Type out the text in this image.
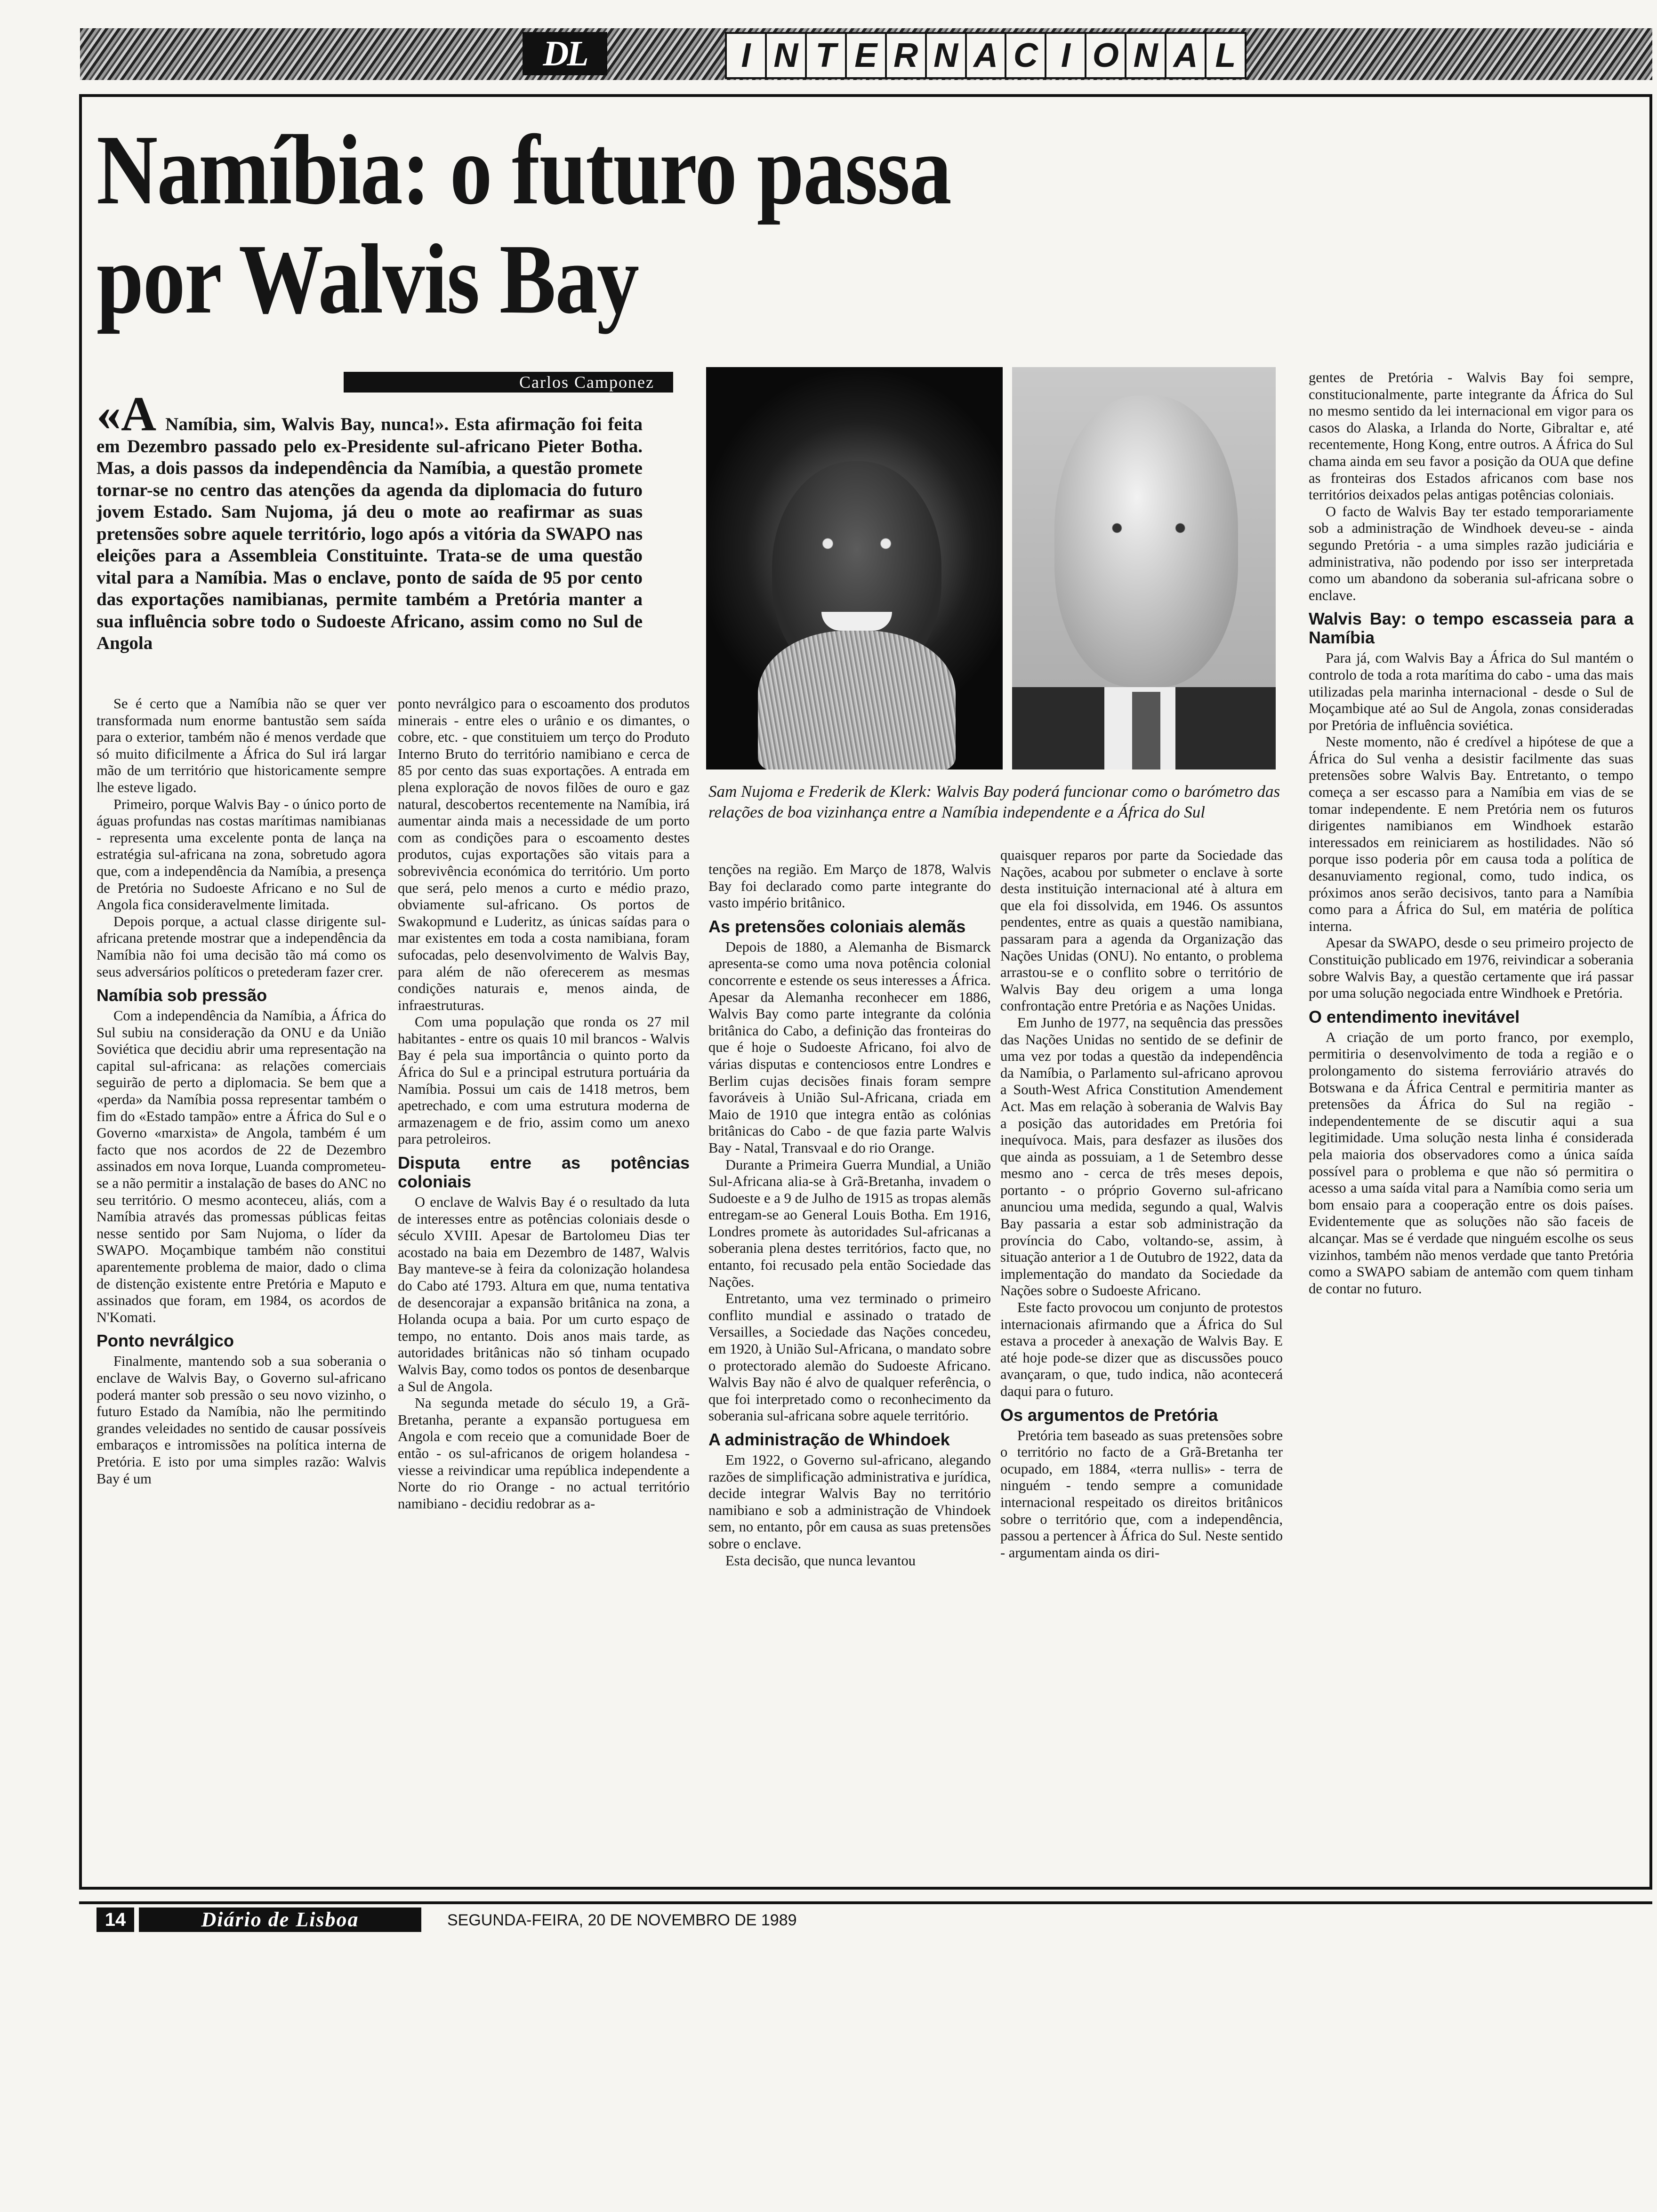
DL	I N T E R N A C I O N A L
Namíbia: o futuro passa
por Walvis Bay
Carlos Camponez
«A Namíbia, sim, Walvis Bay, nunca!». Esta afirmação foi feita em Dezembro passado pelo ex-Presidente sul-africano Pieter Botha. Mas, a dois passos da independência da Namíbia, a questão promete tornar-se no centro das atenções da agenda da diplomacia do futuro jovem Estado. Sam Nujoma, já deu o mote ao reafirmar as suas pretensões sobre aquele território, logo após a vitória da SWAPO nas eleições para a Assembleia Constituinte. Trata-se de uma questão vital para a Namíbia. Mas o enclave, ponto de saída de 95 por cento das exportações namibianas, permite também a Pretória manter a sua influência sobre todo o Sudoeste Africano, assim como no Sul de Angola
Sam Nujoma e Frederik de Klerk: Walvis Bay poderá funcionar como o barómetro das relações de boa vizinhança entre a Namíbia independente e a África do Sul

Se é certo que a Namíbia não se quer ver transformada num enorme bantustão sem saída para o exterior, também não é menos verdade que só muito dificilmente a África do Sul irá largar mão de um território que historicamente sempre lhe esteve ligado.

Primeiro, porque Walvis Bay - o único porto de águas profundas nas costas marítimas namibianas - representa uma excelente ponta de lança na estratégia sul-africana na zona, sobretudo agora que, com a independência da Namíbia, a presença de Pretória no Sudoeste Africano e no Sul de Angola fica consideravelmente limitada.

Depois porque, a actual classe dirigente sul-africana pretende mostrar que a independência da Namíbia não foi uma decisão tão má como os seus adversários políticos o pretederam fazer crer.

Namíbia sob pressão

Com a independência da Namíbia, a África do Sul subiu na consideração da ONU e da União Soviética que decidiu abrir uma representação na capital sul-africana: as relações comerciais seguirão de perto a diplomacia. Se bem que a «perda» da Namíbia possa representar também o fim do «Estado tampão» entre a África do Sul e o Governo «marxista» de Angola, também é um facto que nos acordos de 22 de Dezembro assinados em nova Iorque, Luanda comprometeu-se a não permitir a instalação de bases do ANC no seu território. O mesmo aconteceu, aliás, com a Namíbia através das promessas públicas feitas nesse sentido por Sam Nujoma, o líder da SWAPO. Moçambique também não constitui aparentemente problema de maior, dado o clima de distenção existente entre Pretória e Maputo e assinados que foram, em 1984, os acordos de N'Komati.

Ponto nevrálgico

Finalmente, mantendo sob a sua soberania o enclave de Walvis Bay, o Governo sul-africano poderá manter sob pressão o seu novo vizinho, o futuro Estado da Namíbia, não lhe permitindo grandes veleidades no sentido de causar possíveis embaraços e intromissões na política interna de Pretória. E isto por uma simples razão: Walvis Bay é um

ponto nevrálgico para o escoamento dos produtos minerais - entre eles o urânio e os dimantes, o cobre, etc. - que constituiem um terço do Produto Interno Bruto do território namibiano e cerca de 85 por cento das suas exportações. A entrada em plena exploração de novos filões de ouro e gaz natural, descobertos recentemente na Namíbia, irá aumentar ainda mais a necessidade de um porto com as condições para o escoamento destes produtos, cujas exportações são vitais para a sobrevivência económica do território. Um porto que será, pelo menos a curto e médio prazo, obviamente sul-africano. Os portos de Swakopmund e Luderitz, as únicas saídas para o mar existentes em toda a costa namibiana, foram sufocadas, pelo desenvolvimento de Walvis Bay, para além de não oferecerem as mesmas condições naturais e, menos ainda, de infraestruturas.

Com uma população que ronda os 27 mil habitantes - entre os quais 10 mil brancos - Walvis Bay é pela sua importância o quinto porto da África do Sul e a principal estrutura portuária da Namíbia. Possui um cais de 1418 metros, bem apetrechado, e com uma estrutura moderna de armazenagem e de frio, assim como um anexo para petroleiros.

Disputa entre as potências coloniais

O enclave de Walvis Bay é o resultado da luta de interesses entre as potências coloniais desde o século XVIII. Apesar de Bartolomeu Dias ter acostado na baia em Dezembro de 1487, Walvis Bay manteve-se à feira da colonização holandesa do Cabo até 1793. Altura em que, numa tentativa de desencorajar a expansão britânica na zona, a Holanda ocupa a baia. Por um curto espaço de tempo, no entanto. Dois anos mais tarde, as autoridades britânicas não só tinham ocupado Walvis Bay, como todos os pontos de desenbarque a Sul de Angola.

Na segunda metade do século 19, a Grã-Bretanha, perante a expansão portuguesa em Angola e com receio que a comunidade Boer de então - os sul-africanos de origem holandesa - viesse a reivindicar uma república independente a Norte do rio Orange - no actual território namibiano - decidiu redobrar as a-

tenções na região. Em Março de 1878, Walvis Bay foi declarado como parte integrante do vasto império britânico.

As pretensões coloniais alemãs

Depois de 1880, a Alemanha de Bismarck apresenta-se como uma nova potência colonial concorrente e estende os seus interesses a África. Apesar da Alemanha reconhecer em 1886, Walvis Bay como parte integrante da colónia britânica do Cabo, a definição das fronteiras do que é hoje o Sudoeste Africano, foi alvo de várias disputas e contenciosos entre Londres e Berlim cujas decisões finais foram sempre favoráveis à União Sul-Africana, criada em Maio de 1910 que integra então as colónias britânicas do Cabo - de que fazia parte Walvis Bay - Natal, Transvaal e do rio Orange.

Durante a Primeira Guerra Mundial, a União Sul-Africana alia-se à Grã-Bretanha, invadem o Sudoeste e a 9 de Julho de 1915 as tropas alemãs entregam-se ao General Louis Botha. Em 1916, Londres promete às autoridades Sul-africanas a soberania plena destes territórios, facto que, no entanto, foi recusado pela então Sociedade das Nações.

Entretanto, uma vez terminado o primeiro conflito mundial e assinado o tratado de Versailles, a Sociedade das Nações concedeu, em 1920, à União Sul-Africana, o mandato sobre o protectorado alemão do Sudoeste Africano. Walvis Bay não é alvo de qualquer referência, o que foi interpretado como o reconhecimento da soberania sul-africana sobre aquele território.

A administração de Whindoek

Em 1922, o Governo sul-africano, alegando razões de simplificação administrativa e jurídica, decide integrar Walvis Bay no território namibiano e sob a administração de Vhindoek sem, no entanto, pôr em causa as suas pretensões sobre o enclave.

Esta decisão, que nunca levantou

quaisquer reparos por parte da Sociedade das Nações, acabou por submeter o enclave à sorte desta instituição internacional até à altura em que ela foi dissolvida, em 1946. Os assuntos pendentes, entre as quais a questão namibiana, passaram para a agenda da Organização das Nações Unidas (ONU). No entanto, o problema arrastou-se e o conflito sobre o território de Walvis Bay deu origem a uma longa confrontação entre Pretória e as Nações Unidas.

Em Junho de 1977, na sequência das pressões das Nações Unidas no sentido de se definir de uma vez por todas a questão da independência da Namíbia, o Parlamento sul-africano aprovou a South-West Africa Constitution Amendement Act. Mas em relação à soberania de Walvis Bay a posição das autoridades em Pretória foi inequívoca. Mais, para desfazer as ilusões dos que ainda as possuiam, a 1 de Setembro desse mesmo ano - cerca de três meses depois, portanto - o próprio Governo sul-africano anunciou uma medida, segundo a qual, Walvis Bay passaria a estar sob administração da província do Cabo, voltando-se, assim, à situação anterior a 1 de Outubro de 1922, data da implementação do mandato da Sociedade da Nações sobre o Sudoeste Africano.

Este facto provocou um conjunto de protestos internacionais afirmando que a África do Sul estava a proceder à anexação de Walvis Bay. E até hoje pode-se dizer que as discussões pouco avançaram, o que, tudo indica, não acontecerá daqui para o futuro.

Os argumentos de Pretória

Pretória tem baseado as suas pretensões sobre o território no facto de a Grã-Bretanha ter ocupado, em 1884, «terra nullis» - terra de ninguém - tendo sempre a comunidade internacional respeitado os direitos britânicos sobre o território que, com a independência, passou a pertencer à África do Sul. Neste sentido - argumentam ainda os diri-

gentes de Pretória - Walvis Bay foi sempre, constitucionalmente, parte integrante da África do Sul no mesmo sentido da lei internacional em vigor para os casos do Alaska, a Irlanda do Norte, Gibraltar e, até recentemente, Hong Kong, entre outros. A África do Sul chama ainda em seu favor a posição da OUA que define as fronteiras dos Estados africanos com base nos territórios deixados pelas antigas potências coloniais.

O facto de Walvis Bay ter estado temporariamente sob a administração de Windhoek deveu-se - ainda segundo Pretória - a uma simples razão judiciária e administrativa, não podendo por isso ser interpretada como um abandono da soberania sul-africana sobre o enclave.

Walvis Bay: o tempo escasseia para a Namíbia

Para já, com Walvis Bay a África do Sul mantém o controlo de toda a rota marítima do cabo - uma das mais utilizadas pela marinha internacional - desde o Sul de Moçambique até ao Sul de Angola, zonas consideradas por Pretória de influência soviética.

Neste momento, não é credível a hipótese de que a África do Sul venha a desistir facilmente das suas pretensões sobre Walvis Bay. Entretanto, o tempo começa a ser escasso para a Namíbia em vias de se tomar independente. E nem Pretória nem os futuros dirigentes namibianos em Windhoek estarão interessados em reiniciarem as hostilidades. Não só porque isso poderia pôr em causa toda a política de desanuviamento regional, como, tudo indica, os próximos anos serão decisivos, tanto para a Namíbia como para a África do Sul, em matéria de política interna.

Apesar da SWAPO, desde o seu primeiro projecto de Constituição publicado em 1976, reivindicar a soberania sobre Walvis Bay, a questão certamente que irá passar por uma solução negociada entre Windhoek e Pretória.

O entendimento inevitável

A criação de um porto franco, por exemplo, permitiria o desenvolvimento de toda a região e o prolongamento do sistema ferroviário através do Botswana e da África Central e permitiria manter as pretensões da África do Sul na região - independentemente de se discutir aqui a sua legitimidade. Uma solução nesta linha é considerada pela maioria dos observadores como a única saída possível para o problema e que não só permitira o acesso a uma saída vital para a Namíbia como seria um bom ensaio para a cooperação entre os dois países. Evidentemente que as soluções não são faceis de alcançar. Mas se é verdade que ninguém escolhe os seus vizinhos, também não menos verdade que tanto Pretória como a SWAPO sabiam de antemão com quem tinham de contar no futuro.

14	Diário de Lisboa	SEGUNDA-FEIRA, 20 DE NOVEMBRO DE 1989
